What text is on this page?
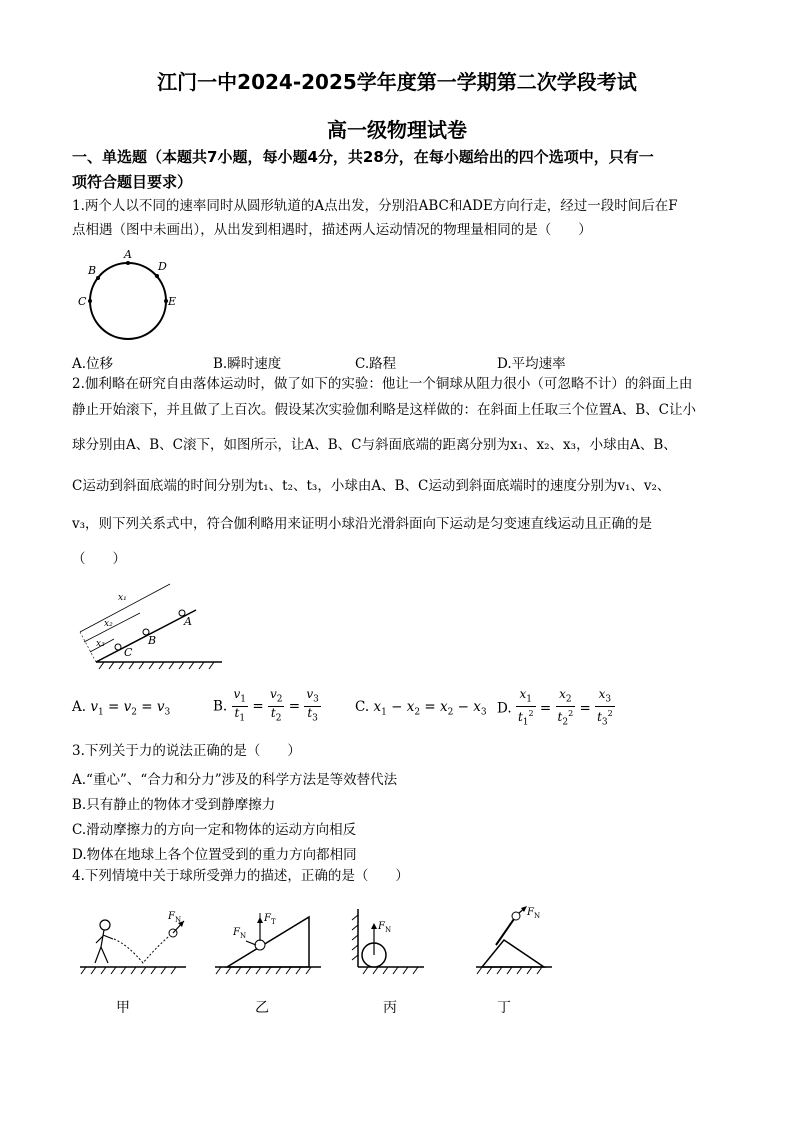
江门一中2024-2025学年度第一学期第二次学段考试
高一级物理试卷
一、单选题（本题共7小题，每小题4分，共28分，在每小题给出的四个选项中，只有一
项符合题目要求）
1.两个人以不同的速率同时从圆形轨道的A点出发，分别沿ABC和ADE方向行走，经过一段时间后在F
点相遇（图中未画出），从出发到相遇时，描述两人运动情况的物理量相同的是（　　）
A
B
C
D
E
A.位移	B.瞬时速度	C.路程	D.平均速率
2.伽利略在研究自由落体运动时，做了如下的实验：他让一个铜球从阻力很小（可忽略不计）的斜面上由
静止开始滚下，并且做了上百次。假设某次实验伽利略是这样做的：在斜面上任取三个位置A、B、C让小
球分别由A、B、C滚下，如图所示，让A、B、C与斜面底端的距离分别为x₁、x₂、x₃，小球由A、B、
C运动到斜面底端的时间分别为t₁、t₂、t₃，小球由A、B、C运动到斜面底端时的速度分别为v₁、v₂、
v₃，则下列关系式中，符合伽利略用来证明小球沿光滑斜面向下运动是匀变速直线运动且正确的是
（　　）
x₁
x₂
x₃
A
B
C
A. $v_1 = v_2 = v_3$	B. $\frac{v_1}{t_1} = \frac{v_2}{t_2} = \frac{v_3}{t_3}$	C. $x_1 - x_2 = x_2 - x_3$ D. $\frac{x_1}{t_1^2} = \frac{x_2}{t_2^2} = \frac{x_3}{t_3^2}$
3.下列关于力的说法正确的是（　　）
A.“重心”、“合力和分力”涉及的科学方法是等效替代法
B.只有静止的物体才受到静摩擦力
C.滑动摩擦力的方向一定和物体的运动方向相反
D.物体在地球上各个位置受到的重力方向都相同
4.下列情境中关于球所受弹力的描述，正确的是（　　）
F N	F T
F N
F N
F N
甲	乙	丙	丁
